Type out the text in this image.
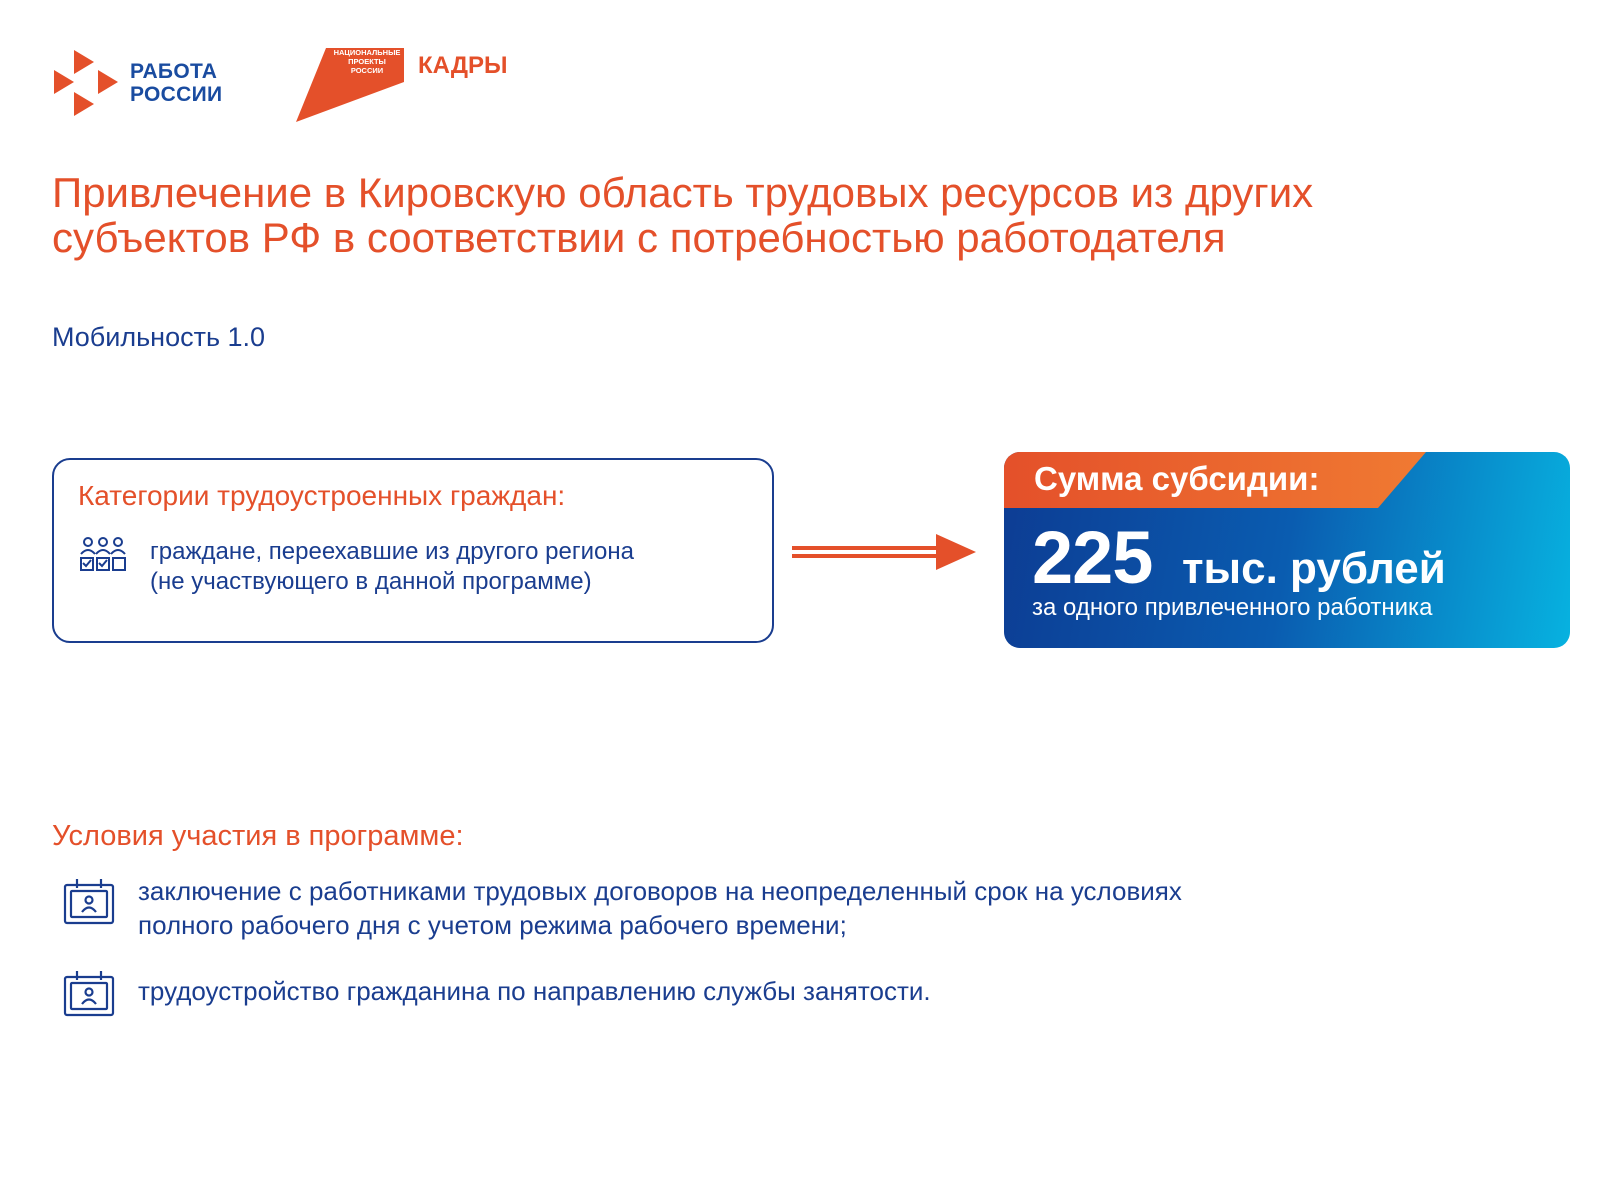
РАБОТА
РОССИИ
НАЦИОНАЛЬНЫЕ
ПРОЕКТЫ
РОССИИ	КАДРЫ
Привлечение в Кировскую область трудовых ресурсов из других субъектов РФ в соответствии с потребностью работодателя
Мобильность 1.0
Категории трудоустроенных граждан:
граждане, переехавшие из другого региона
(не участвующего в данной программе)
Сумма субсидии:
225 тыс. рублей
за одного привлеченного работника
Условия участия в программе:
заключение с работниками трудовых договоров на неопределенный срок на условиях
полного рабочего дня с учетом режима рабочего времени;
трудоустройство гражданина по направлению службы занятости.
